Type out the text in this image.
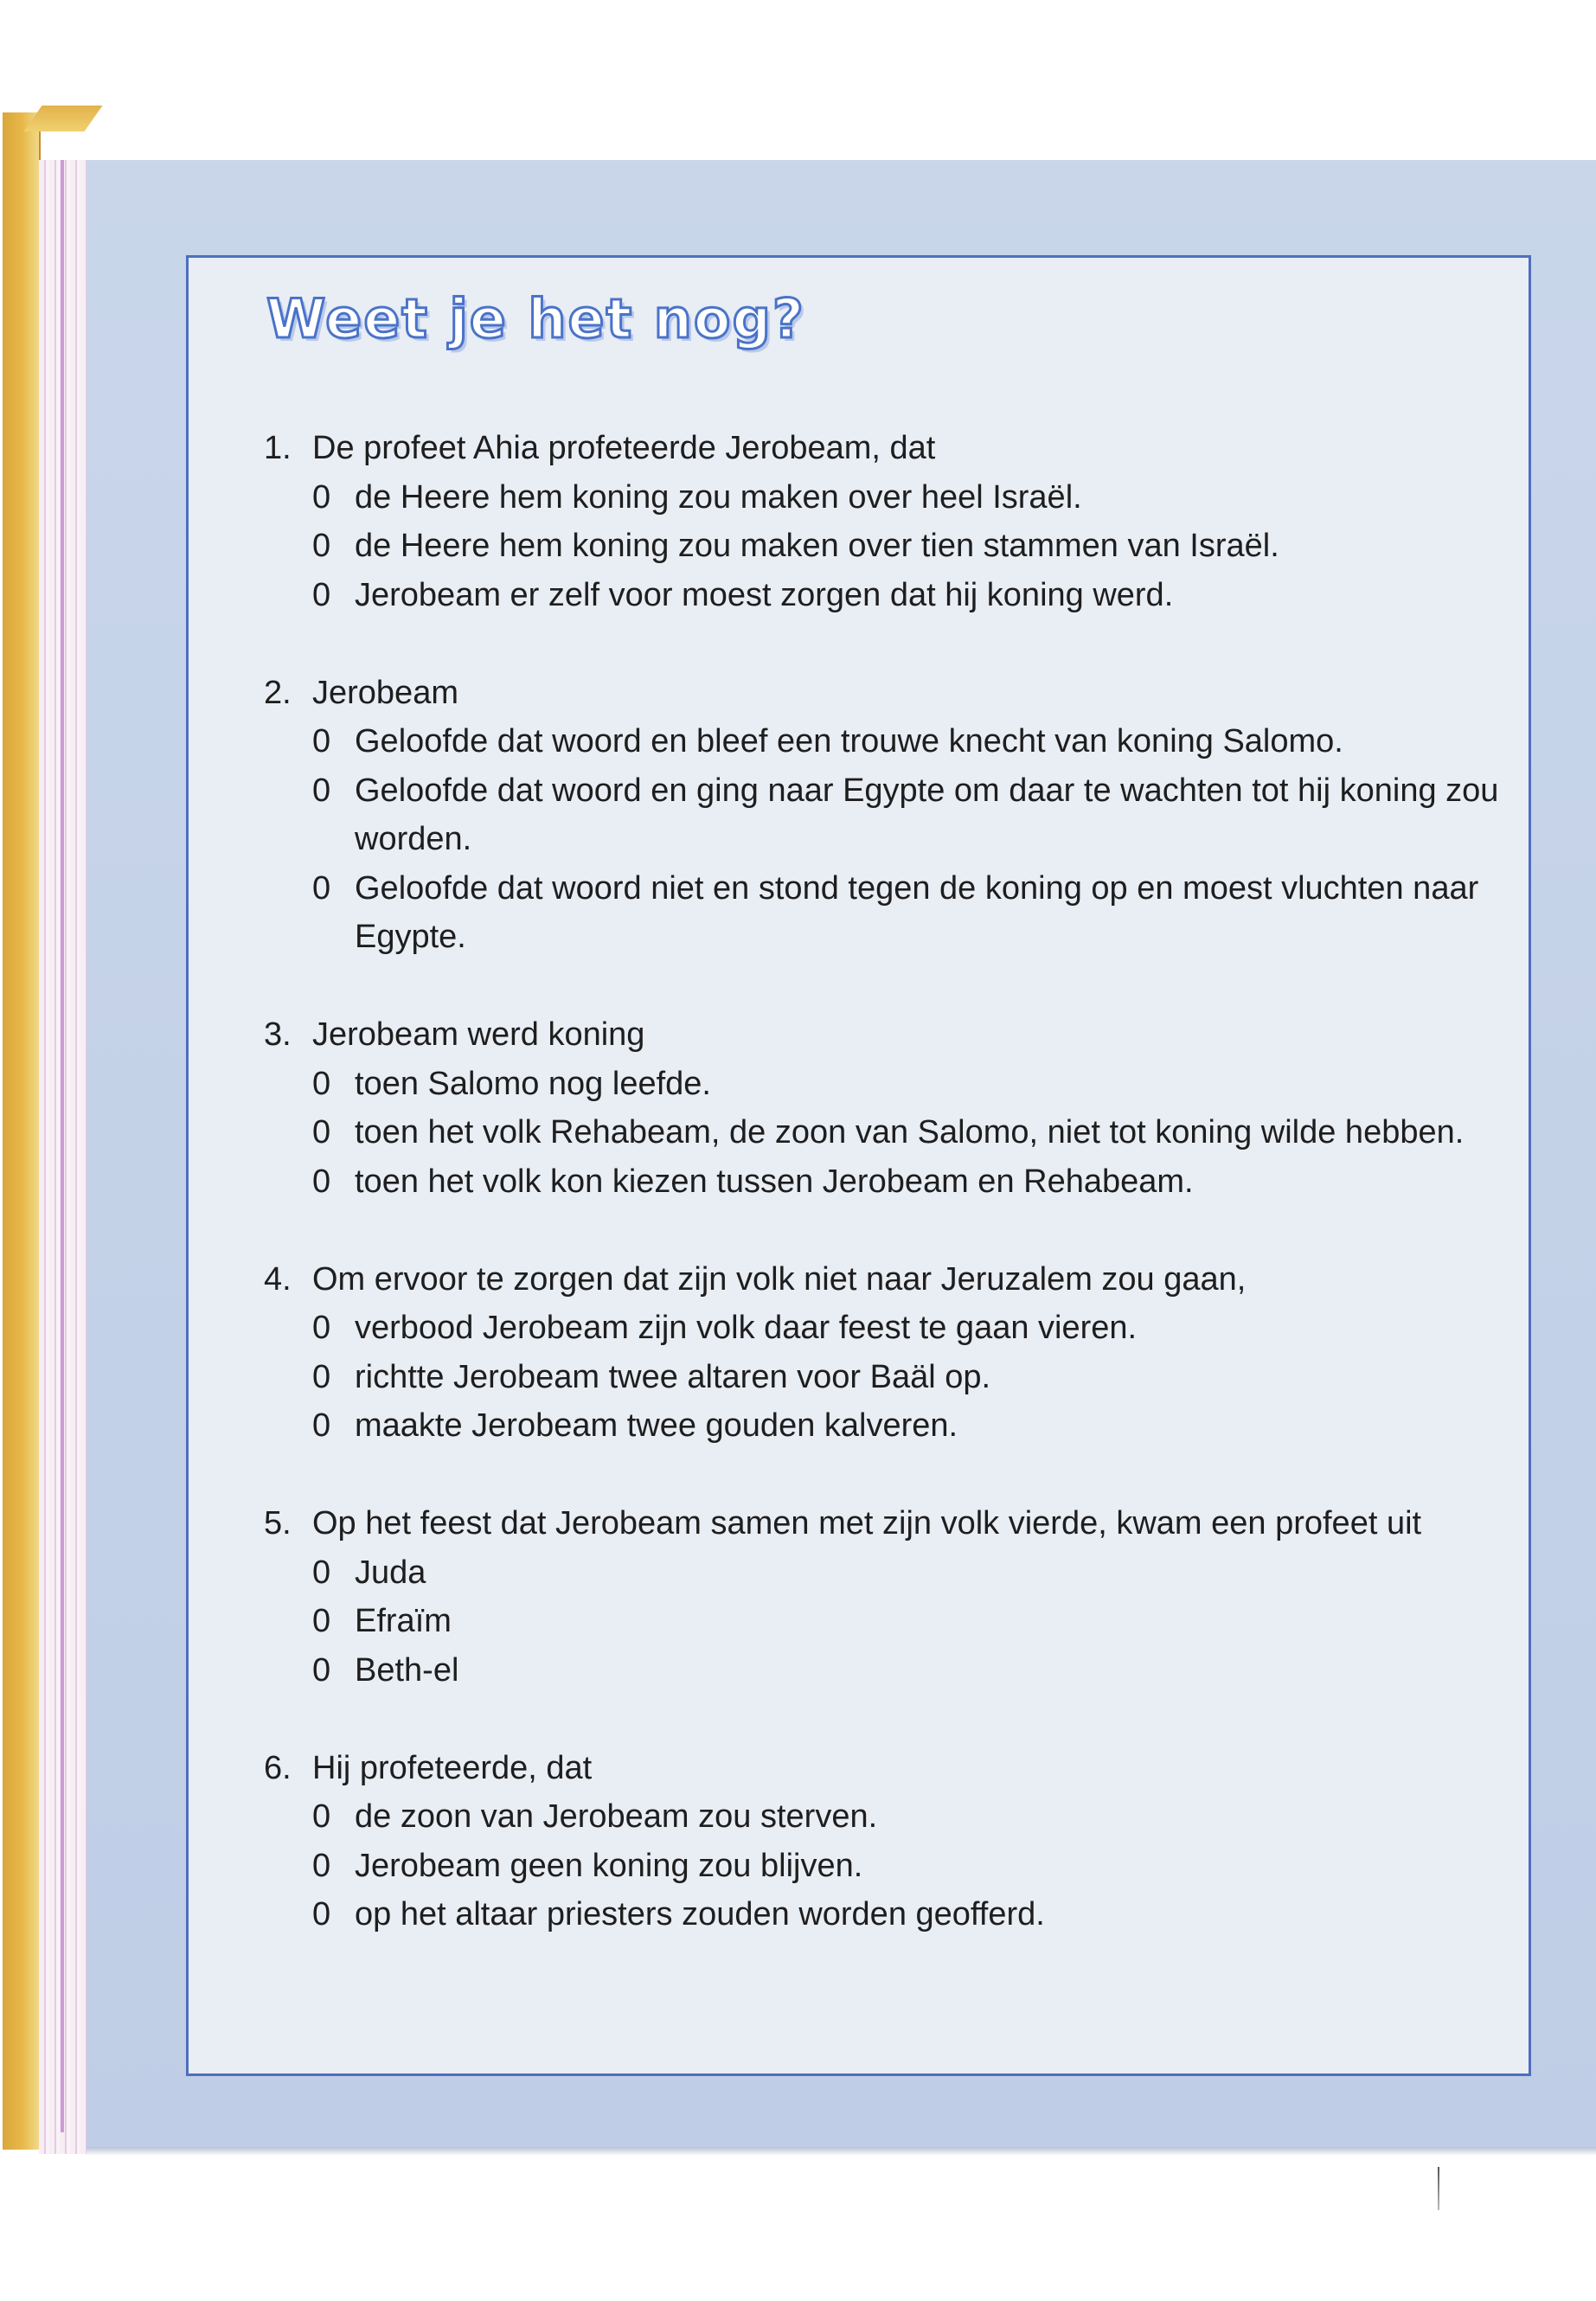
Weet je het nog?
1. De profeet Ahia profeteerde Jerobeam, dat
0 de Heere hem koning zou maken over heel Israël.
0 de Heere hem koning zou maken over tien stammen van Israël.
0 Jerobeam er zelf voor moest zorgen dat hij koning werd.
2. Jerobeam
0 Geloofde dat woord en bleef een trouwe knecht van koning Salomo.
0 Geloofde dat woord en ging naar Egypte om daar te wachten tot hij koning zou worden.
0 Geloofde dat woord niet en stond tegen de koning op en moest vluchten naar Egypte.
3. Jerobeam werd koning
0 toen Salomo nog leefde.
0 toen het volk Rehabeam, de zoon van Salomo, niet tot koning wilde hebben.
0 toen het volk kon kiezen tussen Jerobeam en Rehabeam.
4. Om ervoor te zorgen dat zijn volk niet naar Jeruzalem zou gaan,
0 verbood Jerobeam zijn volk daar feest te gaan vieren.
0 richtte Jerobeam twee altaren voor Baäl op.
0 maakte Jerobeam twee gouden kalveren.
5. Op het feest dat Jerobeam samen met zijn volk vierde, kwam een profeet uit
0 Juda
0 Efraïm
0 Beth-el
6. Hij profeteerde, dat
0 de zoon van Jerobeam zou sterven.
0 Jerobeam geen koning zou blijven.
0 op het altaar priesters zouden worden geofferd.
